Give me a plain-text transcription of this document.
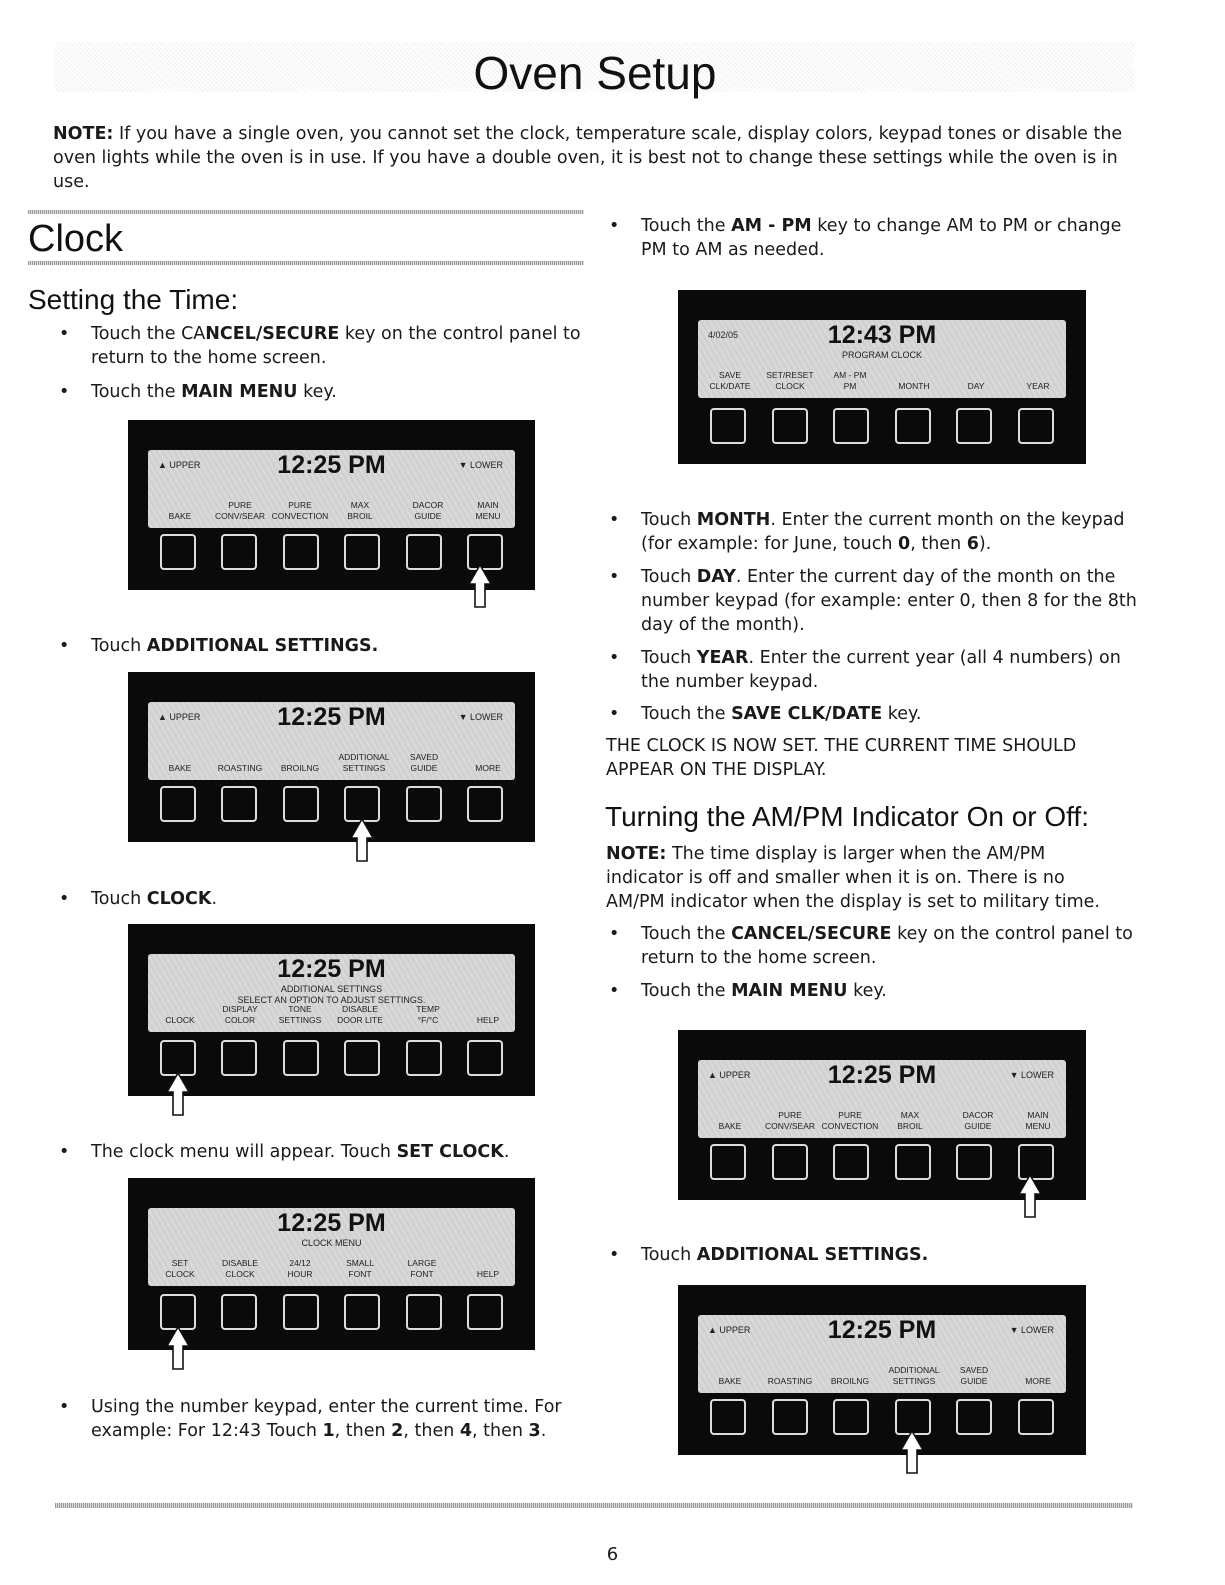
Oven Setup

NOTE: If you have a single oven, you cannot set the clock, temperature scale, display colors, keypad tones or disable the oven lights while the oven is in use. If you have a double oven, it is best not to change these settings while the oven is in use.

Clock
Setting the Time:
• Touch the CANCEL/SECURE key on the control panel to return to the home screen.
• Touch the MAIN MENU key.
▲ UPPER	12:25 PM	▼ LOWER
BAKE
PURE
CONV/SEAR
PURE
CONVECTION
MAX
BROIL
DACOR
GUIDE
MAIN
MENU
• Touch ADDITIONAL SETTINGS.
▲ UPPER	12:25 PM	▼ LOWER
BAKE	ROASTING	BROILNG
ADDITIONAL
SETTINGS
SAVED
GUIDE	MORE
• Touch CLOCK.
12:25 PM
ADDITIONAL SETTINGS
SELECT AN OPTION TO ADJUST SETTINGS.
CLOCK
DISPLAY
COLOR
TONE
SETTINGS
DISABLE
DOOR LITE
TEMP
°F/°C	HELP
• The clock menu will appear. Touch SET CLOCK.
12:25 PM
CLOCK MENU
SET
CLOCK
DISABLE
CLOCK
24/12
HOUR
SMALL
FONT
LARGE
FONT	HELP
• Using the number keypad, enter the current time. For example: For 12:43 Touch 1, then 2, then 4, then 3.
• Touch the AM - PM key to change AM to PM or change PM to AM as needed.
4/02/05	12:43 PM
PROGRAM CLOCK
SAVE
CLK/DATE
SET/RESET
CLOCK
AM - PM
PM	MONTH	DAY	YEAR
• Touch MONTH. Enter the current month on the keypad (for example: for June, touch 0, then 6).
• Touch DAY. Enter the current day of the month on the number keypad (for example: enter 0, then 8 for the 8th day of the month).
• Touch YEAR. Enter the current year (all 4 numbers) on the number keypad.
• Touch the SAVE CLK/DATE key.
THE CLOCK IS NOW SET. THE CURRENT TIME SHOULD APPEAR ON THE DISPLAY.
Turning the AM/PM Indicator On or Off:

NOTE: The time display is larger when the AM/PM indicator is off and smaller when it is on. There is no AM/PM indicator when the display is set to military time.

• Touch the CANCEL/SECURE key on the control panel to return to the home screen.
• Touch the MAIN MENU key.
▲ UPPER	12:25 PM	▼ LOWER
BAKE
PURE
CONV/SEAR
PURE
CONVECTION
MAX
BROIL
DACOR
GUIDE
MAIN
MENU
• Touch ADDITIONAL SETTINGS.
▲ UPPER	12:25 PM	▼ LOWER
BAKE	ROASTING	BROILNG
ADDITIONAL
SETTINGS
SAVED
GUIDE	MORE
6
